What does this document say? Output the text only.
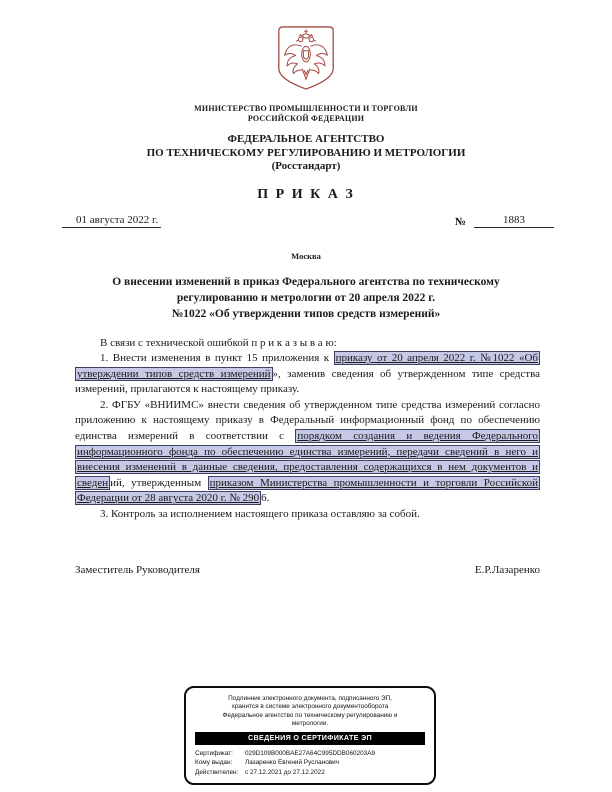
МИНИСТЕРСТВО ПРОМЫШЛЕННОСТИ И ТОРГОВЛИ
РОССИЙСКОЙ ФЕДЕРАЦИИ
ФЕДЕРАЛЬНОЕ АГЕНТСТВО
ПО ТЕХНИЧЕСКОМУ РЕГУЛИРОВАНИЮ И МЕТРОЛОГИИ
(Росстандарт)
П Р И К А З
01 августа 2022 г.	№	1883
Москва
О внесении изменений в приказ Федерального агентства по техническому
регулированию и метрологии от 20 апреля 2022 г.
№1022 «Об утверждении типов средств измерений»

В связи с технической ошибкой п р и к а з ы в а ю:

1. Внести изменения в пункт 15 приложения к приказу от 20 апреля 2022 г. №1022 «Об утверждении типов средств измерений », заменив сведения об утвержденном типе средства измерений, прилагаются к настоящему приказу.

2. ФГБУ «ВНИИМС» внести сведения об утвержденном типе средства измерений согласно приложению к настоящему приказу в Федеральный информационный фонд по обеспечению единства измерений в соответствии с порядком создания и ведения Федерального информационного фонда по обеспечению единства измерений, передачи сведений в него и внесения изменений в данные сведения, предоставления содержащихся в нем документов и сведен ий, утвержденным приказом Министерства промышленности и торговли Российской Федерации от 28 августа 2020 г. № 290 6.

3. Контроль за исполнением настоящего приказа оставляю за собой.

Заместитель Руководителя	Е.Р.Лазаренко
Подлинник электронного документа, подписанного ЭП,
хранится в системе электронного документооборота
Федеральное агентство по техническому регулированию и
метрологии.
СВЕДЕНИЯ О СЕРТИФИКАТЕ ЭП
Сертификат:	029D109B000BAE27A64C995DDB060203A9
Кому выдан:	Лазаренко Евгений Русланович
Действителен:	с 27.12.2021 до 27.12.2022
